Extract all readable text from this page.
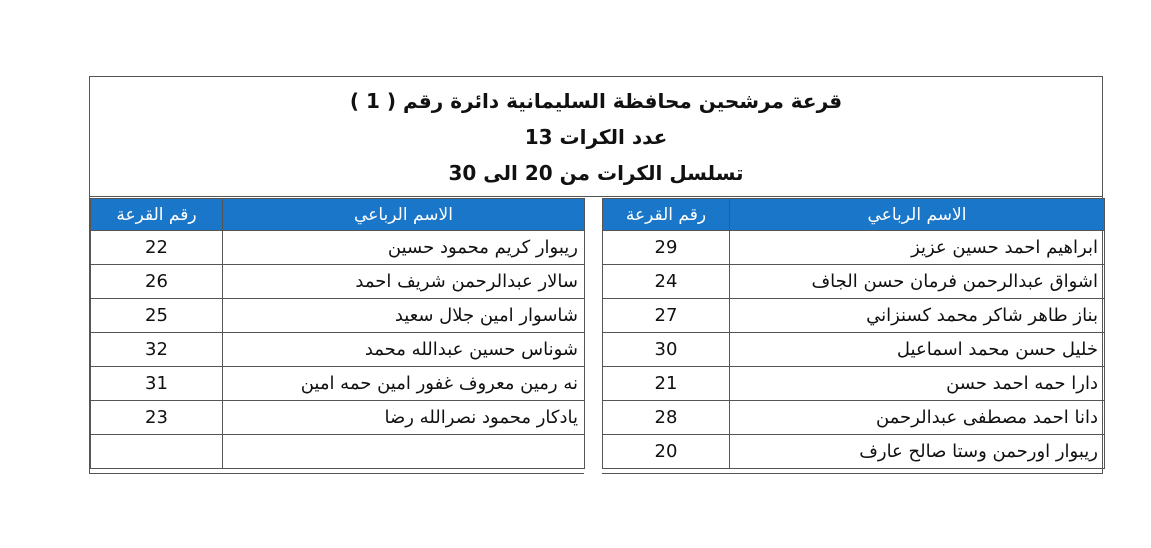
قرعة مرشحين محافظة السليمانية دائرة رقم ( 1 )
عدد الكرات 13
تسلسل الكرات من 20 الى 30
الاسم الرباعي	رقم القرعة
ابراهيم احمد حسين عزيز	29
اشواق عبدالرحمن فرمان حسن الجاف	24
بناز طاهر شاكر محمد كسنزاني	27
خليل حسن محمد اسماعيل	30
دارا حمه احمد حسن	21
دانا احمد مصطفى عبدالرحمن	28
ريبوار اورحمن وستا صالح عارف	20
الاسم الرباعي	رقم القرعة
ريبوار كريم محمود حسين	22
سالار عبدالرحمن شريف احمد	26
شاسوار امين جلال سعيد	25
شوناس حسين عبدالله محمد	32
نه رمين معروف غفور امين حمه امين	31
يادكار محمود نصرالله رضا	23
